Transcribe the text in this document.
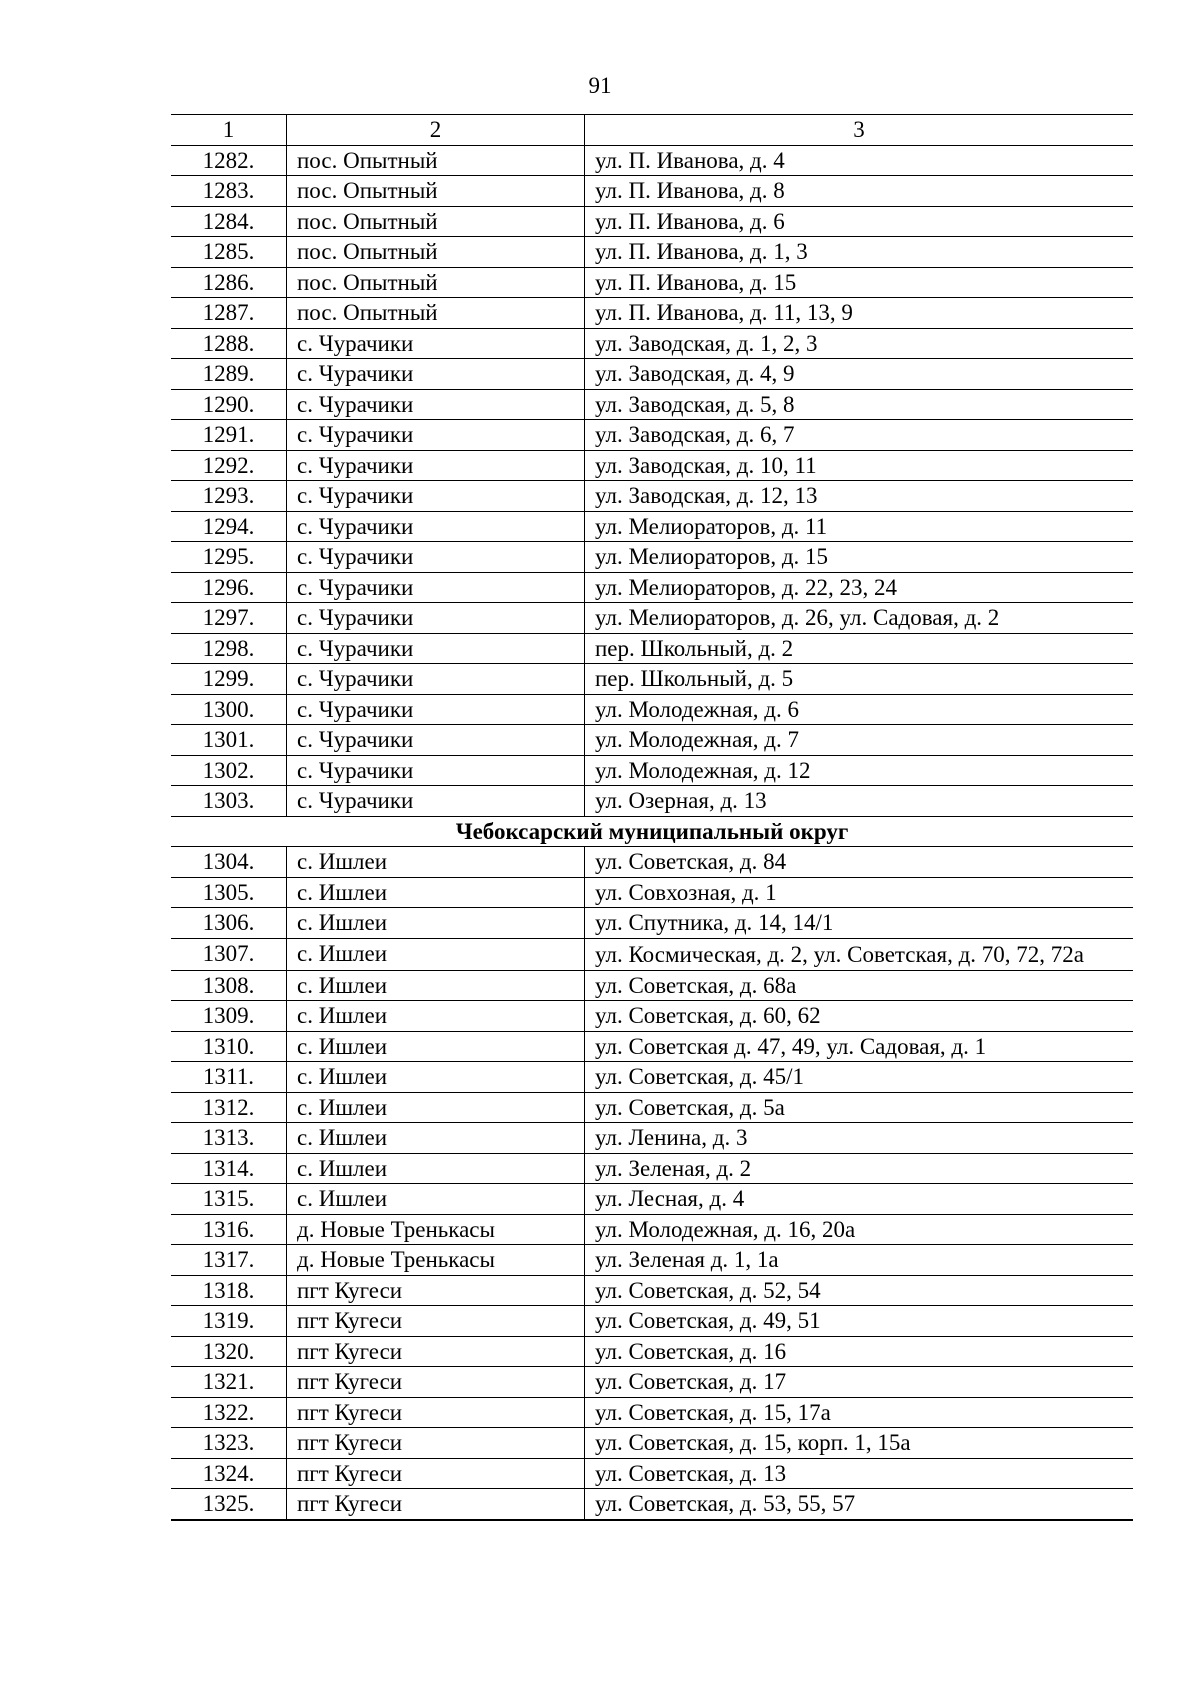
91
1	2	3
1282.	пос. Опытный	ул. П. Иванова, д. 4
1283.	пос. Опытный	ул. П. Иванова, д. 8
1284.	пос. Опытный	ул. П. Иванова, д. 6
1285.	пос. Опытный	ул. П. Иванова, д. 1, 3
1286.	пос. Опытный	ул. П. Иванова, д. 15
1287.	пос. Опытный	ул. П. Иванова, д. 11, 13, 9
1288.	с. Чурачики	ул. Заводская, д. 1, 2, 3
1289.	с. Чурачики	ул. Заводская, д. 4, 9
1290.	с. Чурачики	ул. Заводская, д. 5, 8
1291.	с. Чурачики	ул. Заводская, д. 6, 7
1292.	с. Чурачики	ул. Заводская, д. 10, 11
1293.	с. Чурачики	ул. Заводская, д. 12, 13
1294.	с. Чурачики	ул. Мелиораторов, д. 11
1295.	с. Чурачики	ул. Мелиораторов, д. 15
1296.	с. Чурачики	ул. Мелиораторов, д. 22, 23, 24
1297.	с. Чурачики	ул. Мелиораторов, д. 26, ул. Садовая, д. 2
1298.	с. Чурачики	пер. Школьный, д. 2
1299.	с. Чурачики	пер. Школьный, д. 5
1300.	с. Чурачики	ул. Молодежная, д. 6
1301.	с. Чурачики	ул. Молодежная, д. 7
1302.	с. Чурачики	ул. Молодежная, д. 12
1303.	с. Чурачики	ул. Озерная, д. 13
Чебоксарский муниципальный округ		
1304.	с. Ишлеи	ул. Советская, д. 84
1305.	с. Ишлеи	ул. Совхозная, д. 1
1306.	с. Ишлеи	ул. Спутника, д. 14, 14/1
1307.	с. Ишлеи	ул. Космическая, д. 2, ул. Советская, д. 70, 72, 72а
1308.	с. Ишлеи	ул. Советская, д. 68а
1309.	с. Ишлеи	ул. Советская, д. 60, 62
1310.	с. Ишлеи	ул. Советская д. 47, 49, ул. Садовая, д. 1
1311.	с. Ишлеи	ул. Советская, д. 45/1
1312.	с. Ишлеи	ул. Советская, д. 5а
1313.	с. Ишлеи	ул. Ленина, д. 3
1314.	с. Ишлеи	ул. Зеленая, д. 2
1315.	с. Ишлеи	ул. Лесная, д. 4
1316.	д. Новые Тренькасы	ул. Молодежная, д. 16, 20а
1317.	д. Новые Тренькасы	ул. Зеленая д. 1, 1а
1318.	пгт Кугеси	ул. Советская, д. 52, 54
1319.	пгт Кугеси	ул. Советская, д. 49, 51
1320.	пгт Кугеси	ул. Советская, д. 16
1321.	пгт Кугеси	ул. Советская, д. 17
1322.	пгт Кугеси	ул. Советская, д. 15, 17а
1323.	пгт Кугеси	ул. Советская, д. 15, корп. 1, 15а
1324.	пгт Кугеси	ул. Советская, д. 13
1325.	пгт Кугеси	ул. Советская, д. 53, 55, 57
